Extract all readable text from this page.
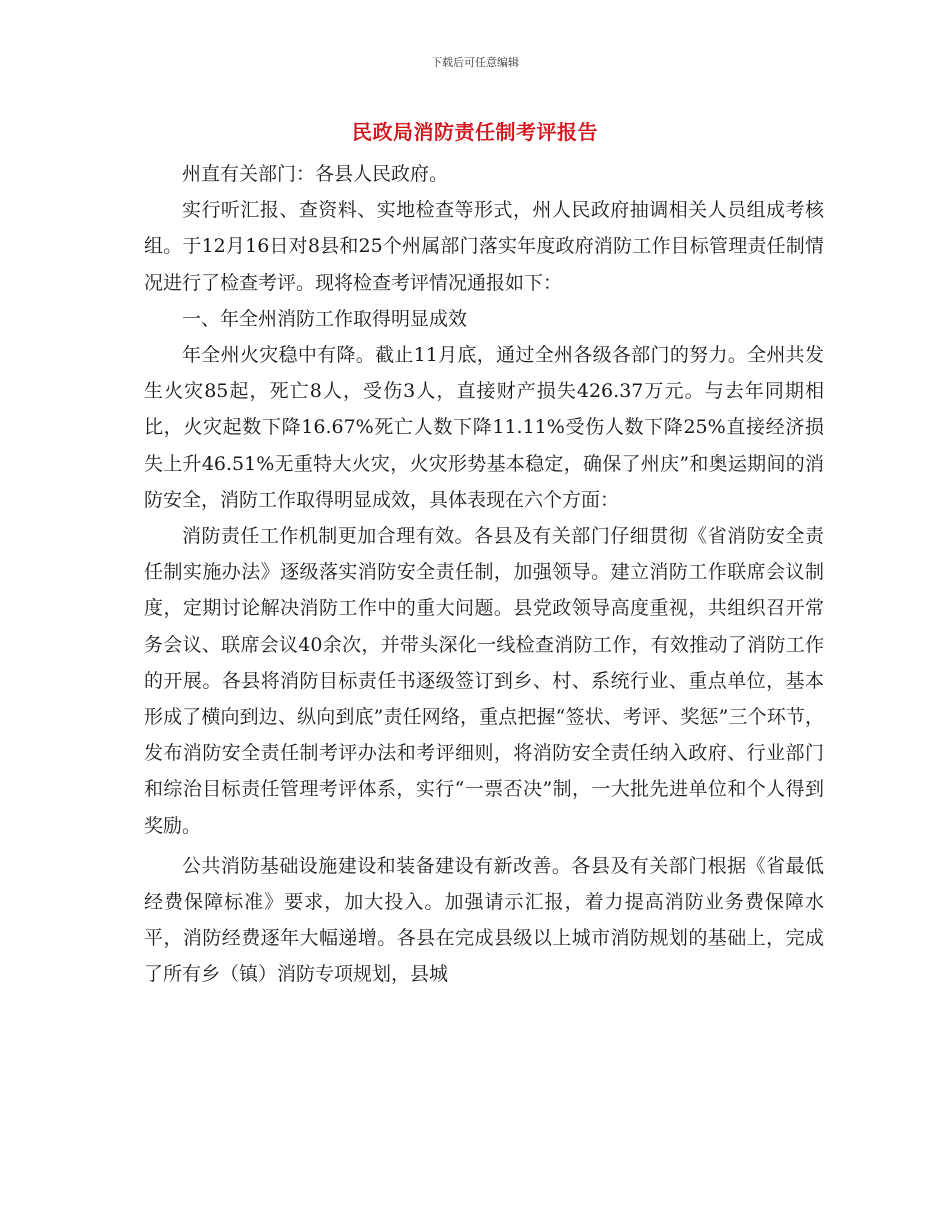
下载后可任意编辑
民政局消防责任制考评报告

州直有关部门：各县人民政府。

实行听汇报、查资料、实地检查等形式，州人民政府抽调相关人员组成考核组。于12月16日对8县和25个州属部门落实年度政府消防工作目标管理责任制情况进行了检查考评。现将检查考评情况通报如下：

一、年全州消防工作取得明显成效

年全州火灾稳中有降。截止11月底，通过全州各级各部门的努力。全州共发生火灾85起，死亡8人，受伤3人，直接财产损失426.37万元。与去年同期相比，火灾起数下降16.67%死亡人数下降11.11%受伤人数下降25%直接经济损失上升46.51%无重特大火灾，火灾形势基本稳定，确保了州庆”和奥运期间的消防安全，消防工作取得明显成效，具体表现在六个方面：

消防责任工作机制更加合理有效。各县及有关部门仔细贯彻《省消防安全责任制实施办法》逐级落实消防安全责任制，加强领导。建立消防工作联席会议制度，定期讨论解决消防工作中的重大问题。县党政领导高度重视，共组织召开常务会议、联席会议40余次，并带头深化一线检查消防工作，有效推动了消防工作的开展。各县将消防目标责任书逐级签订到乡、村、系统行业、重点单位，基本形成了横向到边、纵向到底”责任网络，重点把握“签状、考评、奖惩”三个环节，发布消防安全责任制考评办法和考评细则，将消防安全责任纳入政府、行业部门和综治目标责任管理考评体系，实行“一票否决”制，一大批先进单位和个人得到奖励。

公共消防基础设施建设和装备建设有新改善。各县及有关部门根据《省最低经费保障标准》要求，加大投入。加强请示汇报，着力提高消防业务费保障水平，消防经费逐年大幅递增。各县在完成县级以上城市消防规划的基础上，完成了所有乡（镇）消防专项规划，县城
